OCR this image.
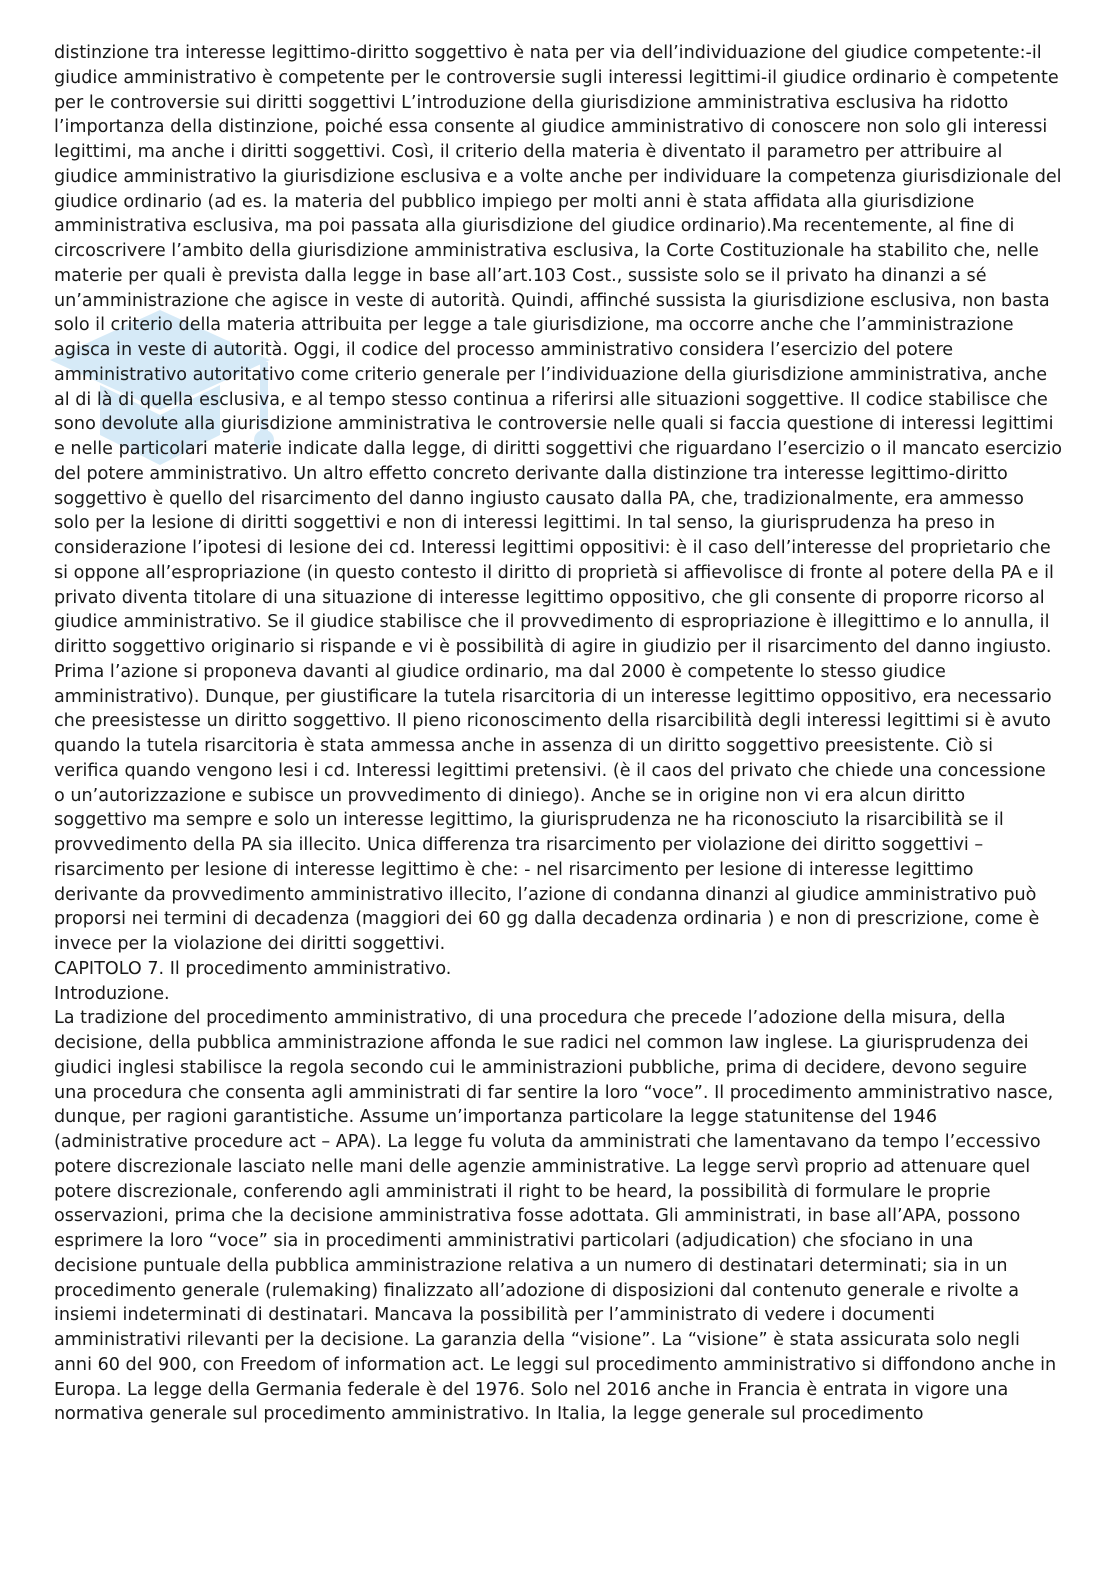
distinzione tra interesse legittimo-diritto soggettivo è nata per via dell’individuazione del giudice competente:-il giudice amministrativo è competente per le controversie sugli interessi legittimi-il giudice ordinario è competente per le controversie sui diritti soggettivi L’introduzione della giurisdizione amministrativa esclusiva ha ridotto l’importanza della distinzione, poiché essa consente al giudice amministrativo di conoscere non solo gli interessi legittimi, ma anche i diritti soggettivi. Così, il criterio della materia è diventato il parametro per attribuire al giudice amministrativo la giurisdizione esclusiva e a volte anche per individuare la competenza giurisdizionale del giudice ordinario (ad es. la materia del pubblico impiego per molti anni è stata affidata alla giurisdizione amministrativa esclusiva, ma poi passata alla giurisdizione del giudice ordinario).Ma recentemente, al fine di circoscrivere l’ambito della giurisdizione amministrativa esclusiva, la Corte Costituzionale ha stabilito che, nelle materie per quali è prevista dalla legge in base all’art.103 Cost., sussiste solo se il privato ha dinanzi a sé un’amministrazione che agisce in veste di autorità. Quindi, affinché sussista la giurisdizione esclusiva, non basta solo il criterio della materia attribuita per legge a tale giurisdizione, ma occorre anche che l’amministrazione agisca in veste di autorità. Oggi, il codice del processo amministrativo considera l’esercizio del potere amministrativo autoritativo come criterio generale per l’individuazione della giurisdizione amministrativa, anche al di là di quella esclusiva, e al tempo stesso continua a riferirsi alle situazioni soggettive. Il codice stabilisce che sono devolute alla giurisdizione amministrativa le controversie nelle quali si faccia questione di interessi legittimi e nelle particolari materie indicate dalla legge, di diritti soggettivi che riguardano l’esercizio o il mancato esercizio del potere amministrativo. Un altro effetto concreto derivante dalla distinzione tra interesse legittimo-diritto soggettivo è quello del risarcimento del danno ingiusto causato dalla PA, che, tradizionalmente, era ammesso solo per la lesione di diritti soggettivi e non di interessi legittimi. In tal senso, la giurisprudenza ha preso in considerazione l’ipotesi di lesione dei cd. Interessi legittimi oppositivi: è il caso dell’interesse del proprietario che si oppone all’espropriazione (in questo contesto il diritto di proprietà si affievolisce di fronte al potere della PA e il privato diventa titolare di una situazione di interesse legittimo oppositivo, che gli consente di proporre ricorso al giudice amministrativo. Se il giudice stabilisce che il provvedimento di espropriazione è illegittimo e lo annulla, il diritto soggettivo originario si rispande e vi è possibilità di agire in giudizio per il risarcimento del danno ingiusto. Prima l’azione si proponeva davanti al giudice ordinario, ma dal 2000 è competente lo stesso giudice amministrativo). Dunque, per giustificare la tutela risarcitoria di un interesse legittimo oppositivo, era necessario che preesistesse un diritto soggettivo. Il pieno riconoscimento della risarcibilità degli interessi legittimi si è avuto quando la tutela risarcitoria è stata ammessa anche in assenza di un diritto soggettivo preesistente. Ciò si verifica quando vengono lesi i cd. Interessi legittimi pretensivi. (è il caos del privato che chiede una concessione o un’autorizzazione e subisce un provvedimento di diniego). Anche se in origine non vi era alcun diritto soggettivo ma sempre e solo un interesse legittimo, la giurisprudenza ne ha riconosciuto la risarcibilità se il provvedimento della PA sia illecito. Unica differenza tra risarcimento per violazione dei diritto soggettivi –risarcimento per lesione di interesse legittimo è che: - nel risarcimento per lesione di interesse legittimo derivante da provvedimento amministrativo illecito, l’azione di condanna dinanzi al giudice amministrativo può proporsi nei termini di decadenza (maggiori dei 60 gg dalla decadenza ordinaria ) e non di prescrizione, come è invece per la violazione dei diritti soggettivi.

CAPITOLO 7. Il procedimento amministrativo.

Introduzione.

La tradizione del procedimento amministrativo, di una procedura che precede l’adozione della misura, della decisione, della pubblica amministrazione affonda le sue radici nel common law inglese. La giurisprudenza dei giudici inglesi stabilisce la regola secondo cui le amministrazioni pubbliche, prima di decidere, devono seguire una procedura che consenta agli amministrati di far sentire la loro “voce”. Il procedimento amministrativo nasce, dunque, per ragioni garantistiche. Assume un’importanza particolare la legge statunitense del 1946 (administrative procedure act – APA). La legge fu voluta da amministrati che lamentavano da tempo l’eccessivo potere discrezionale lasciato nelle mani delle agenzie amministrative. La legge servì proprio ad attenuare quel potere discrezionale, conferendo agli amministrati il right to be heard, la possibilità di formulare le proprie osservazioni, prima che la decisione amministrativa fosse adottata. Gli amministrati, in base all’APA, possono esprimere la loro “voce” sia in procedimenti amministrativi particolari (adjudication) che sfociano in una decisione puntuale della pubblica amministrazione relativa a un numero di destinatari determinati; sia in un procedimento generale (rulemaking) finalizzato all’adozione di disposizioni dal contenuto generale e rivolte a insiemi indeterminati di destinatari. Mancava la possibilità per l’amministrato di vedere i documenti amministrativi rilevanti per la decisione. La garanzia della “visione”. La “visione” è stata assicurata solo negli anni 60 del 900, con Freedom of information act. Le leggi sul procedimento amministrativo si diffondono anche in Europa. La legge della Germania federale è del 1976. Solo nel 2016 anche in Francia è entrata in vigore una normativa generale sul procedimento amministrativo. In Italia, la legge generale sul procedimento
